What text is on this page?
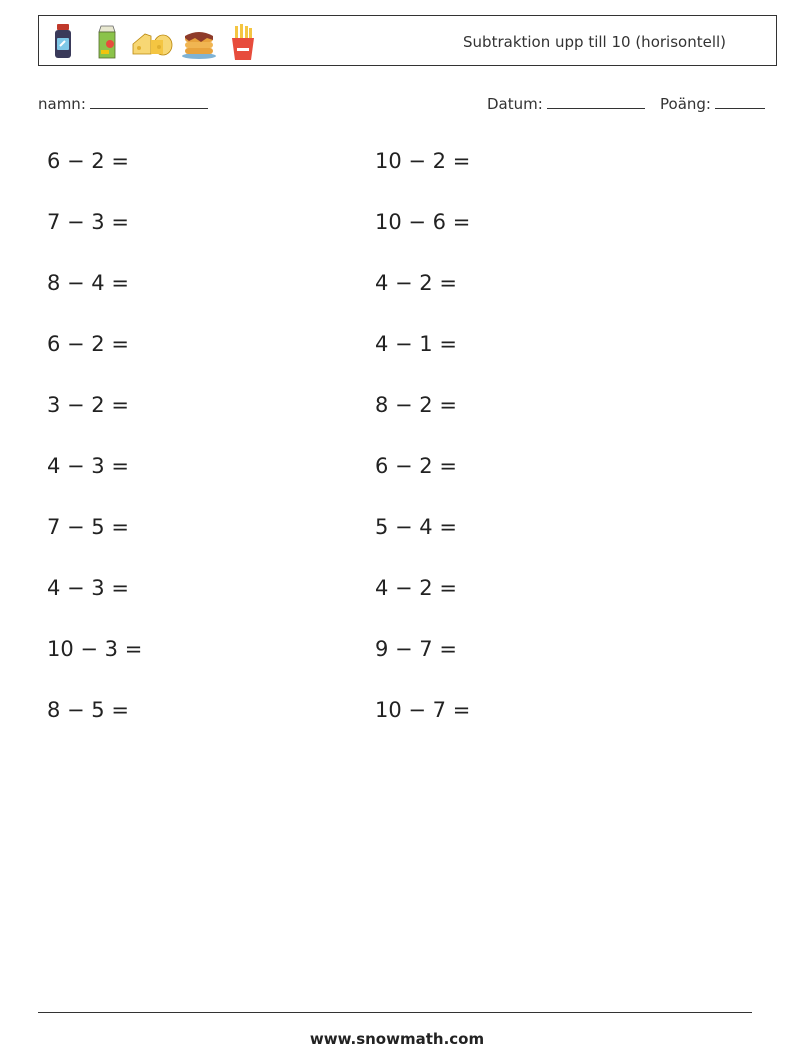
Subtraktion upp till 10 (horisontell)
namn:	Datum:	Poäng:
6 − 2 =
7 − 3 =
8 − 4 =
6 − 2 =
3 − 2 =
4 − 3 =
7 − 5 =
4 − 3 =
10 − 3 =
8 − 5 =
10 − 2 =
10 − 6 =
4 − 2 =
4 − 1 =
8 − 2 =
6 − 2 =
5 − 4 =
4 − 2 =
9 − 7 =
10 − 7 =
www.snowmath.com
